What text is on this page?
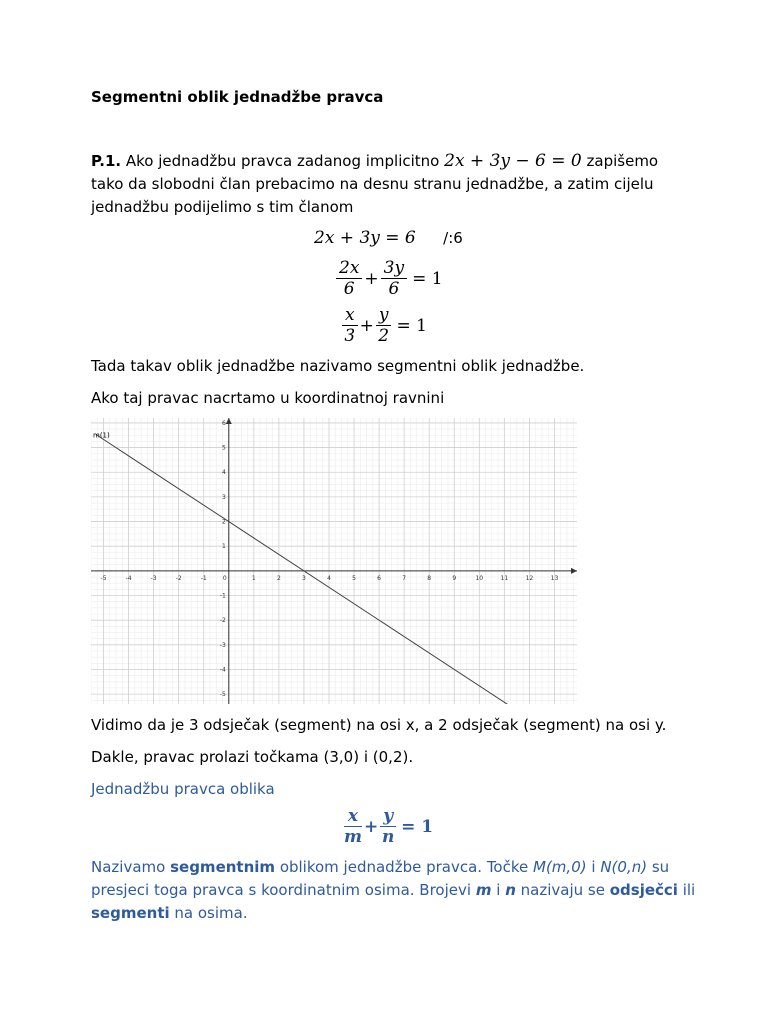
Segmentni oblik jednadžbe pravca
P.1. Ako jednadžbu pravca zadanog implicitno 2x + 3y − 6 = 0 zapišemo
tako da slobodni član prebacimo na desnu stranu jednadžbe, a zatim cijelu
jednadžbu podijelimo s tim članom
2x + 3y = 6 /:6
$\frac{2x}{6} + \frac{3y}{6} = 1$
$\frac{x}{3} + \frac{y}{2} = 1$
Tada takav oblik jednadžbe nazivamo segmentni oblik jednadžbe.
Ako taj pravac nacrtamo u koordinatnoj ravnini
-5	-4	-3	-2	-1	0	1	2	3	4	5	6	7	8	9	10	11	12	13
6
5
4
3
2
1
-1
-2
-3
-4
-5
m(1)
Vidimo da je 3 odsječak (segment) na osi x, a 2 odsječak (segment) na osi y.
Dakle, pravac prolazi točkama (3,0) i (0,2).
Jednadžbu pravca oblika
$\frac{x}{m} + \frac{y}{n} = 1$
Nazivamo segmentnim oblikom jednadžbe pravca. Točke M(m,0) i N(0,n) su
presjeci toga pravca s koordinatnim osima. Brojevi m i n nazivaju se odsječci ili
segmenti na osima.
